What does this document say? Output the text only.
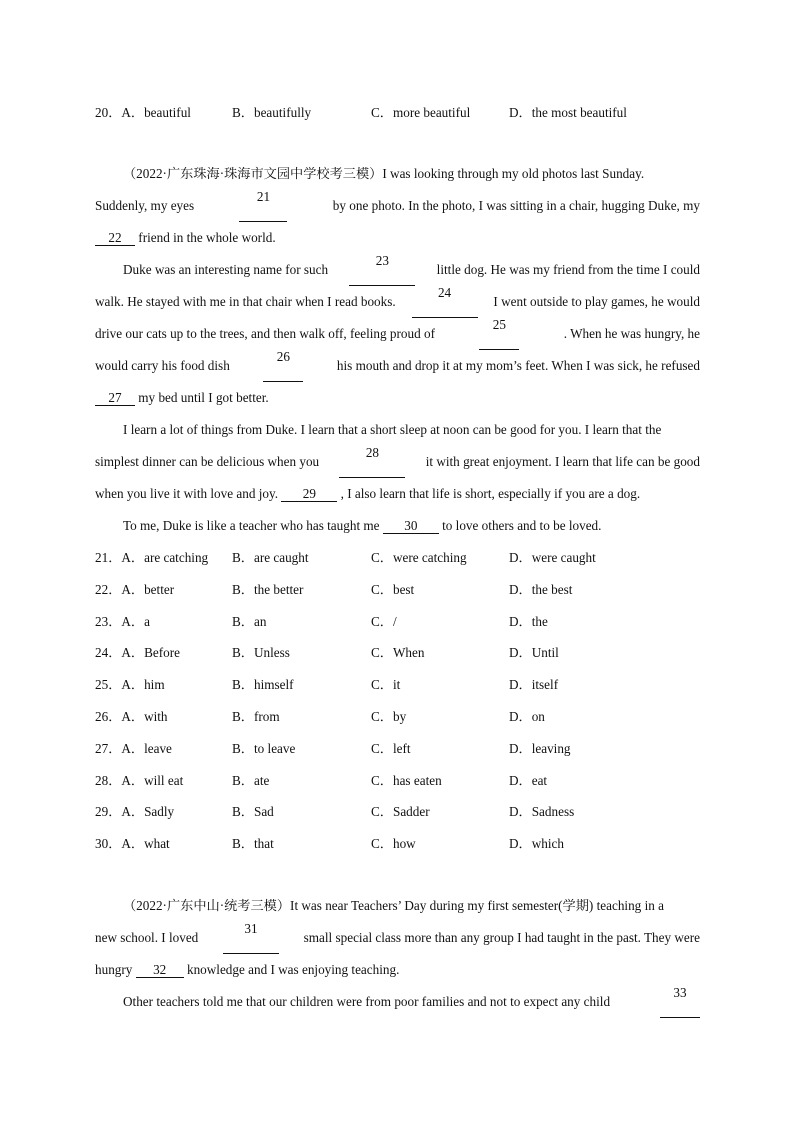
20．A．beautiful	B．beautifully	C．more beautiful	D．the most beautiful
（2022·广东珠海·珠海市文园中学校考三模）I was looking through my old photos last Sunday.
Suddenly, my eyes
21
by one photo. In the photo, I was sitting in a chair, hugging Duke, my
22 friend in the whole world.
Duke was an interesting name for such
23
little dog. He was my friend from the time I could
walk. He stayed with me in that chair when I read books.
24
I went outside to play games, he would
drive our cats up to the trees, and then walk off, feeling proud of
25
. When he was hungry, he
would carry his food dish
26
his mouth and drop it at my mom’s feet. When I was sick, he refused
27 my bed until I got better.
I learn a lot of things from Duke. I learn that a short sleep at noon can be good for you. I learn that the
simplest dinner can be delicious when you
28
it with great enjoyment. I learn that life can be good
when you live it with love and joy. 29 , I also learn that life is short, especially if you are a dog.
To me, Duke is like a teacher who has taught me 30 to love others and to be loved.
21．A．are catching B．are caught	C．were catching	D．were caught
22．A．better	B．the better	C．best	D．the best
23．A．a	B．an	C．/	D．the
24．A．Before	B．Unless	C．When	D．Until
25．A．him	B．himself	C．it	D．itself
26．A．with	B．from	C．by	D．on
27．A．leave	B．to leave	C．left	D．leaving
28．A．will eat	B．ate	C．has eaten	D．eat
29．A．Sadly	B．Sad	C．Sadder	D．Sadness
30．A．what	B．that	C．how	D．which
（2022·广东中山·统考三模）It was near Teachers’ Day during my first semester(学期) teaching in a
new school. I loved
31
small special class more than any group I had taught in the past. They were
hungry 32 knowledge and I was enjoying teaching.
Other teachers told me that our children were from poor families and not to expect any child
33
